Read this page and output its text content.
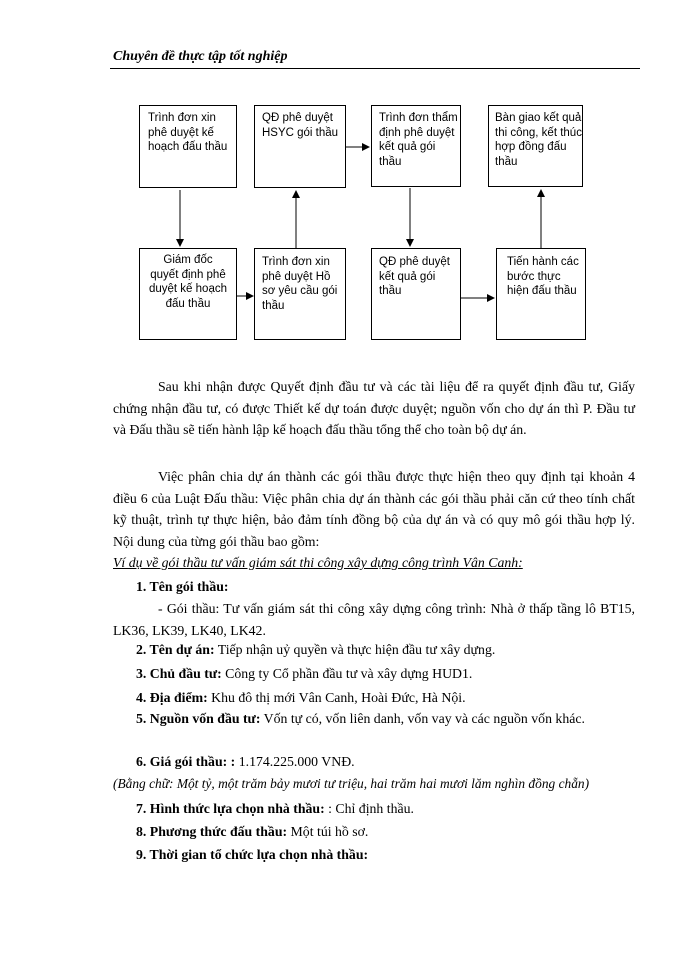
Chuyên đề thực tập tốt nghiệp
Trình đơn xin phê duyệt kế hoạch đấu thầu
QĐ phê duyệt HSYC gói thầu
Trình đơn thẩm định phê duyệt kết quả gói thầu
Bàn giao kết quả thi công, kết thúc hợp đồng đấu thầu
Giám đốc quyết định phê duyệt kế hoạch đấu thầu
Trình đơn xin phê duyệt Hồ sơ yêu cầu gói thầu
QĐ phê duyệt kết quả gói thầu
Tiến hành các bước thực hiện đấu thầu
Sau khi nhận được Quyết định đầu tư và các tài liệu để ra quyết định đầu tư, Giấy chứng nhận đầu tư, có được Thiết kế dự toán được duyệt; nguồn vốn cho dự án thì P. Đầu tư và Đấu thầu sẽ tiến hành lập kế hoạch đấu thầu tổng thể cho toàn bộ dự án.
Việc phân chia dự án thành các gói thầu được thực hiện theo quy định tại khoản 4 điều 6 của Luật Đấu thầu: Việc phân chia dự án thành các gói thầu phải căn cứ theo tính chất kỹ thuật, trình tự thực hiện, bảo đảm tính đồng bộ của dự án và có quy mô gói thầu hợp lý. Nội dung của từng gói thầu bao gồm:
Ví dụ về gói thầu tư vấn giám sát thi công xây dựng công trình Vân Canh:
1. Tên gói thầu:
- Gói thầu: Tư vấn giám sát thi công xây dựng công trình: Nhà ở thấp tầng lô BT15, LK36, LK39, LK40, LK42.
2. Tên dự án: Tiếp nhận uỷ quyền và thực hiện đầu tư xây dựng.
3. Chủ đầu tư: Công ty Cổ phần đầu tư và xây dựng HUD1.
4. Địa điểm: Khu đô thị mới Vân Canh, Hoài Đức, Hà Nội.
5. Nguồn vốn đầu tư: Vốn tự có, vốn liên danh, vốn vay và các nguồn vốn khác.
6. Giá gói thầu: : 1.174.225.000 VNĐ.
(Bằng chữ: Một tỷ, một trăm bảy mươi tư triệu, hai trăm hai mươi lăm nghìn đồng chẵn)
7. Hình thức lựa chọn nhà thầu: : Chỉ định thầu.
8. Phương thức đấu thầu: Một túi hồ sơ.
9. Thời gian tổ chức lựa chọn nhà thầu:
